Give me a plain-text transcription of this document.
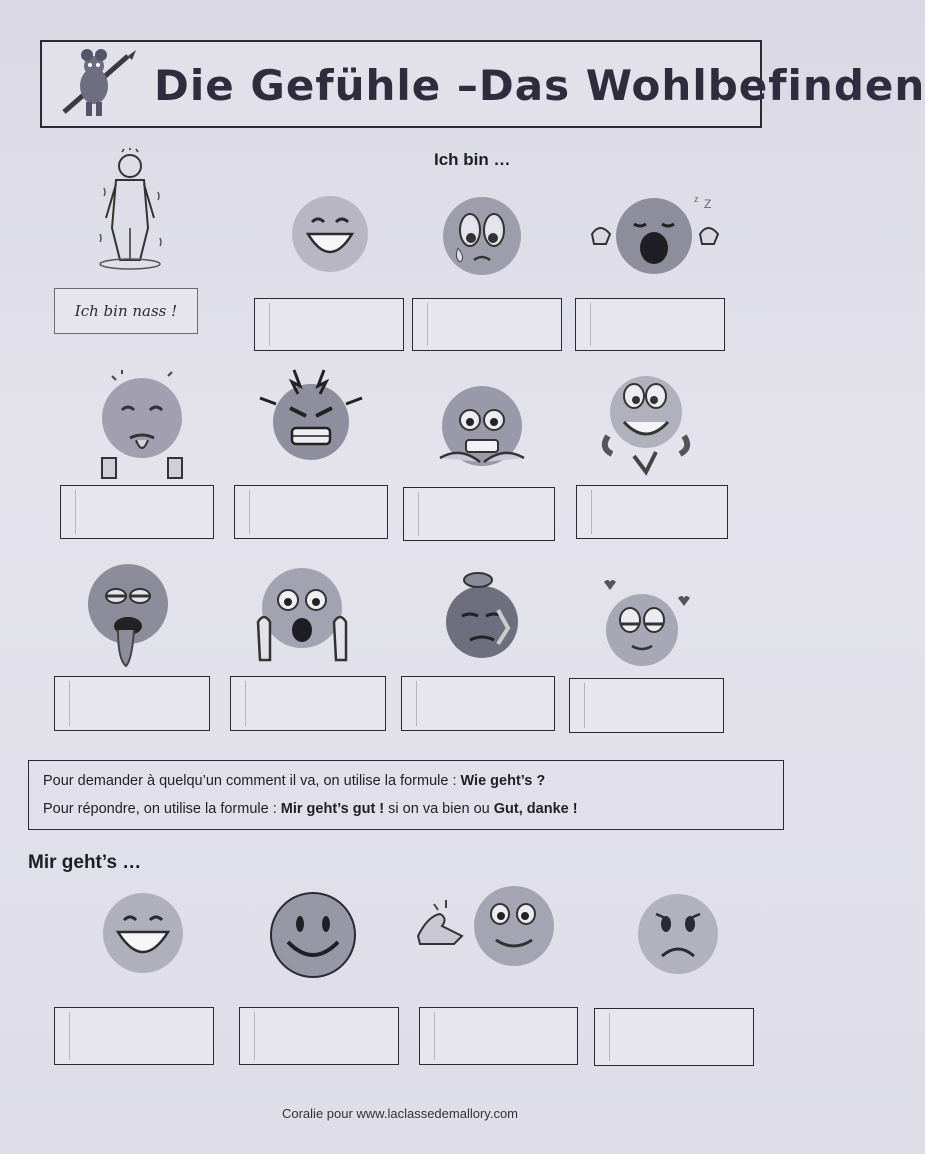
Die Gefühle –Das Wohlbefinden
Ich bin …
Ich bin nass !
Z
z
Pour demander à quelqu’un comment il va, on utilise la formule : Wie geht’s ?
Pour répondre, on utilise la formule : Mir geht’s gut ! si on va bien ou Gut, danke !
Mir geht’s …
Coralie pour www.laclassedemallory.com
